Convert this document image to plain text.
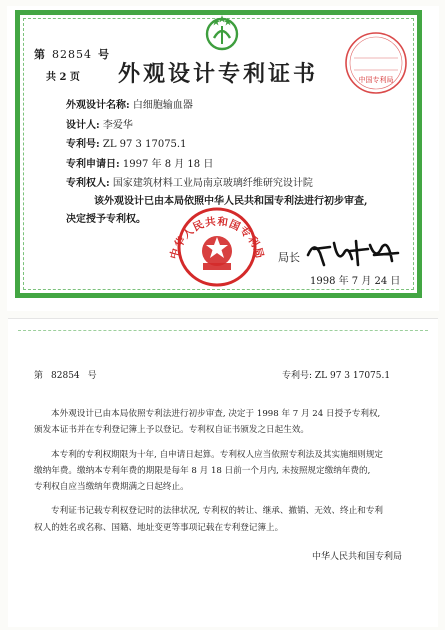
中国专利局
第 82854 号
共 2 页 外观设计专利证书
外观设计名称: 白细胞输血器
设计人: 李爱华
专利号: ZL 97 3 17075.1
专利申请日: 1997 年 8 月 18 日
专利权人: 国家建筑材料工业局南京玻璃纤维研究设计院
该外观设计已由本局依照中华人民共和国专利法进行初步审查,
决定授予专利权。
中华人民共和国专利局 局长
1998 年 7 月 24 日
第 82854 号	专利号: ZL 97 3 17075.1

本外观设计已由本局依照专利法进行初步审查, 决定于 1998 年 7 月 24 日授予专利权,

颁发本证书并在专利登记簿上予以登记。专利权自证书颁发之日起生效。

本专利的专利权期限为十年, 自申请日起算。专利权人应当依照专利法及其实施细则规定

缴纳年费。缴纳本专利年费的期限是每年 8 月 18 日前一个月内, 未按照规定缴纳年费的,

专利权自应当缴纳年费期满之日起终止。

专利证书记载专利权登记时的法律状况, 专利权的转让、继承、撤销、无效、终止和专利

权人的姓名或名称、国籍、地址变更等事项记载在专利登记簿上。

中华人民共和国专利局
